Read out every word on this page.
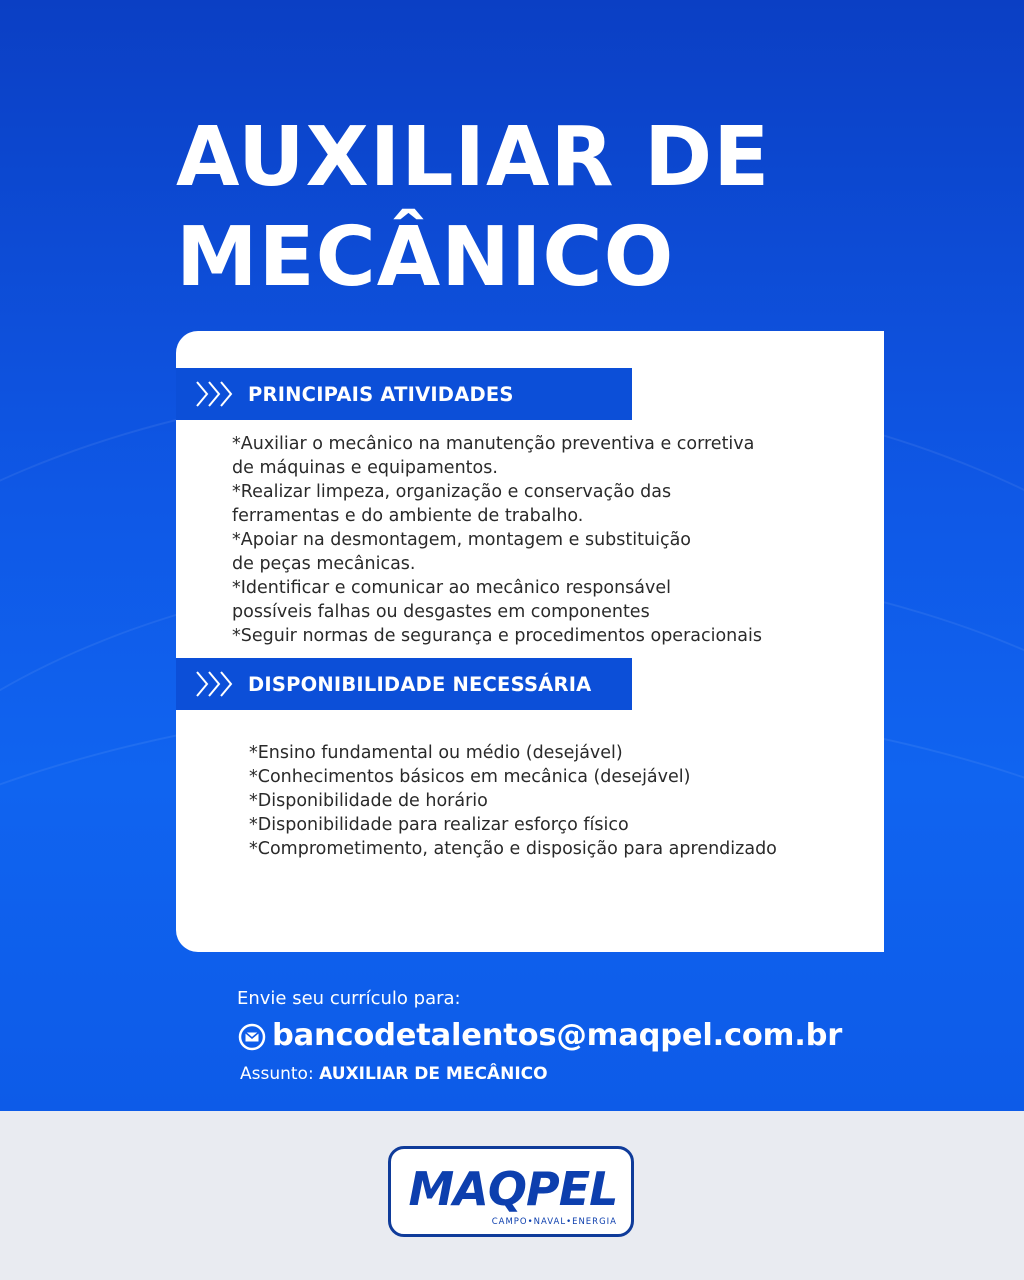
AUXILIAR DE
MECÂNICO
PRINCIPAIS ATIVIDADES
*Auxiliar o mecânico na manutenção preventiva e corretiva
de máquinas e equipamentos.
*Realizar limpeza, organização e conservação das
ferramentas e do ambiente de trabalho.
*Apoiar na desmontagem, montagem e substituição
de peças mecânicas.
*Identificar e comunicar ao mecânico responsável
possíveis falhas ou desgastes em componentes
*Seguir normas de segurança e procedimentos operacionais
DISPONIBILIDADE NECESSÁRIA
*Ensino fundamental ou médio (desejável)
*Conhecimentos básicos em mecânica (desejável)
*Disponibilidade de horário
*Disponibilidade para realizar esforço físico
*Comprometimento, atenção e disposição para aprendizado
Envie seu currículo para:
bancodetalentos@maqpel.com.br
Assunto: AUXILIAR DE MECÂNICO
MAQPEL
CAMPO•NAVAL•ENERGIA
